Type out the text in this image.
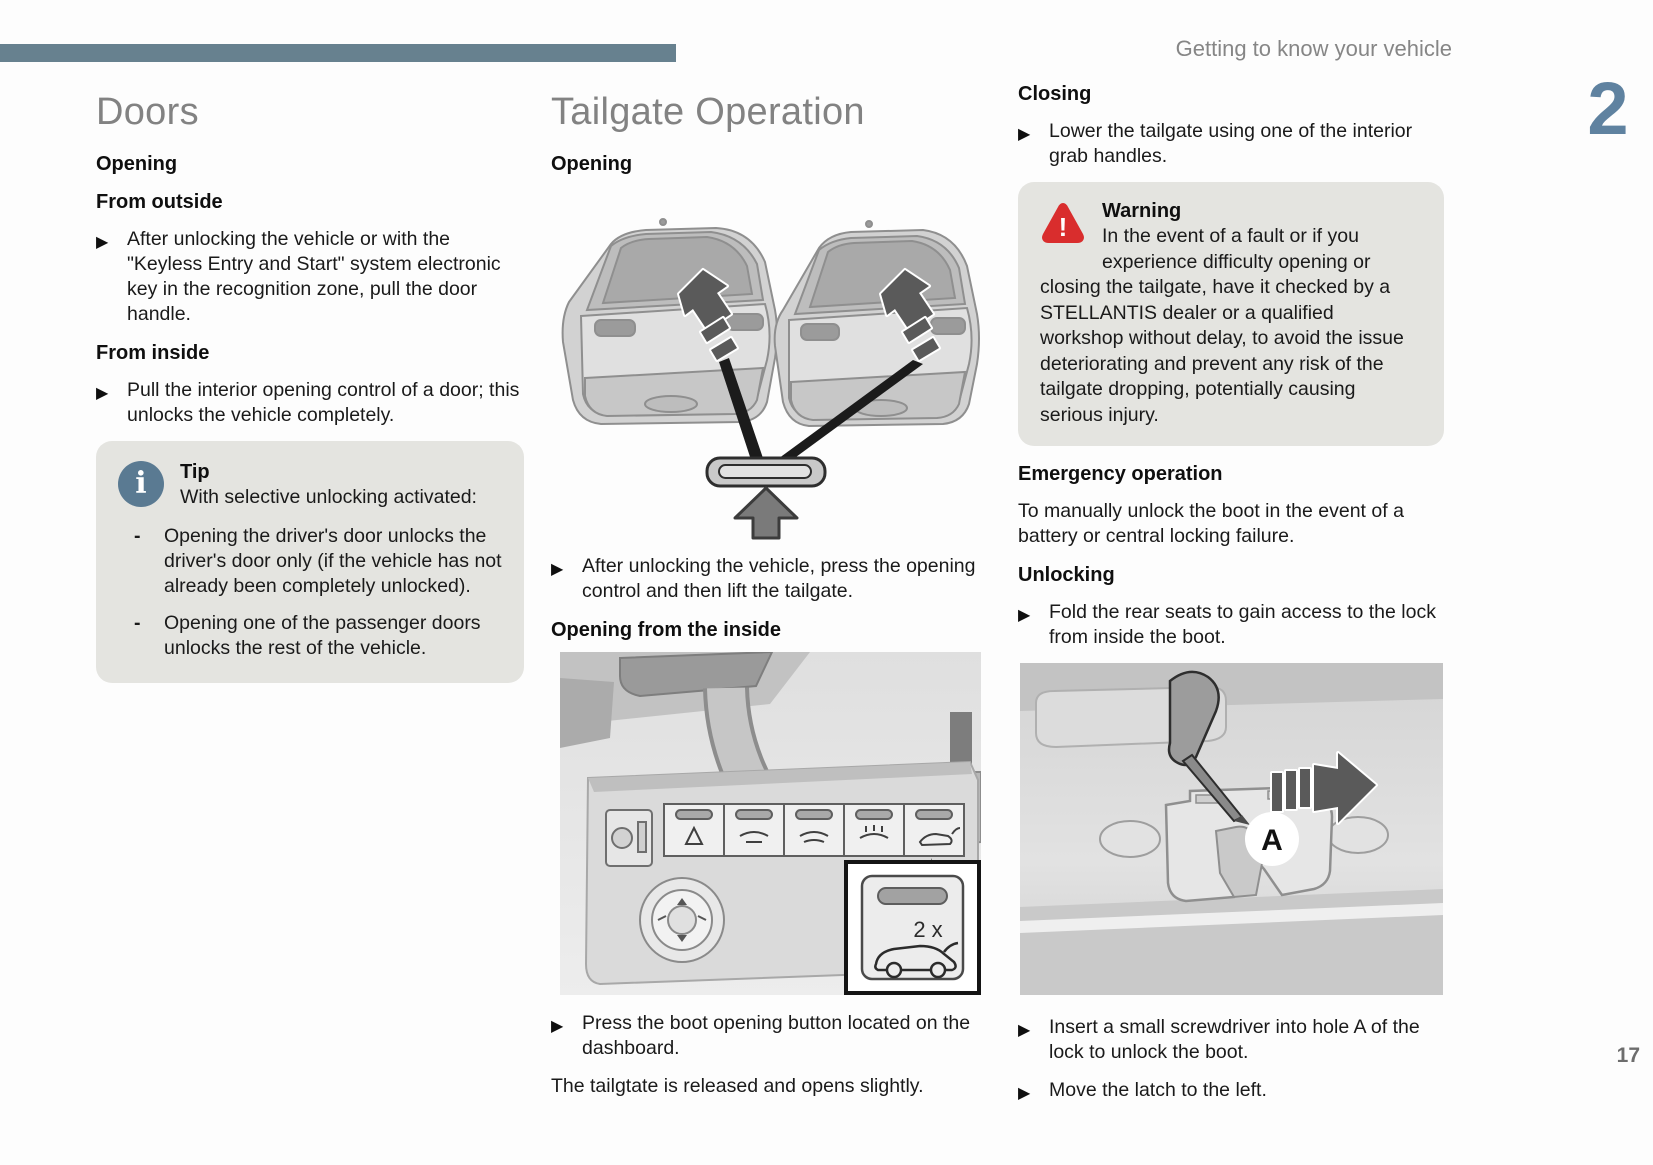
Getting to know your vehicle
2
17
Doors
Opening
From outside
▶ After unlocking the vehicle or with the "Keyless Entry and Start" system electronic key in the recognition zone, pull the door handle.
From inside
▶ Pull the interior opening control of a door; this unlocks the vehicle completely.
i	Tip
With selective unlocking activated:
- Opening the driver's door unlocks the driver's door only (if the vehicle has not already been completely unlocked).
- Opening one of the passenger doors unlocks the rest of the vehicle.
Tailgate Operation
Opening
▶ After unlocking the vehicle, press the opening control and then lift the tailgate.
Opening from the inside
2 x
▶ Press the boot opening button located on the dashboard.
The tailgtate is released and opens slightly.
Closing
▶ Lower the tailgate using one of the interior grab handles.
!
Warning
In the event of a fault or if you experience difficulty opening or closing the tailgate, have it checked by a STELLANTIS dealer or a qualified workshop without delay, to avoid the issue deteriorating and prevent any risk of the tailgate dropping, potentially causing serious injury.
Emergency operation
To manually unlock the boot in the event of a battery or central locking failure.
Unlocking
▶ Fold the rear seats to gain access to the lock from inside the boot.
A
▶ Insert a small screwdriver into hole A of the lock to unlock the boot.
▶ Move the latch to the left.
